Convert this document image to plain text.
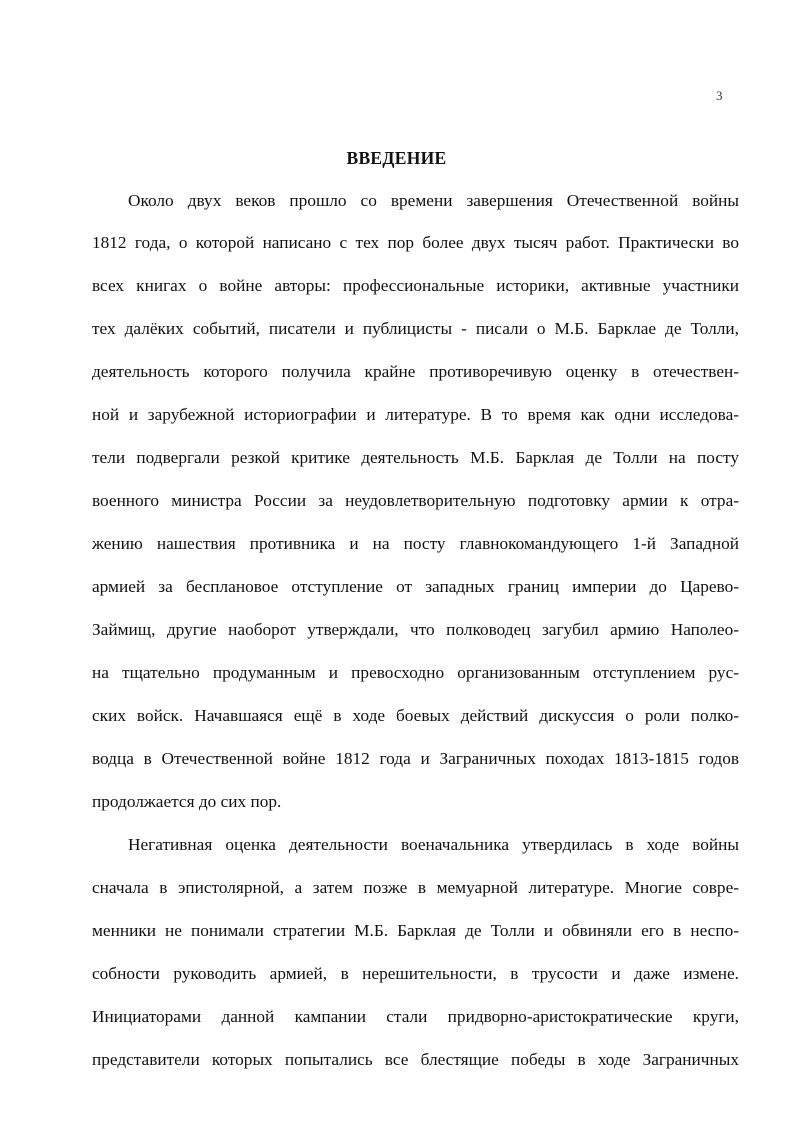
3
ВВЕДЕНИЕ
Около двух веков прошло со времени завершения Отечественной войны
1812 года, о которой написано с тех пор более двух тысяч работ. Практически во
всех книгах о войне авторы: профессиональные историки, активные участники
тех далёких событий, писатели и публицисты - писали о М.Б. Барклае де Толли,
деятельность которого получила крайне противоречивую оценку в отечествен-
ной и зарубежной историографии и литературе. В то время как одни исследова-
тели подвергали резкой критике деятельность М.Б. Барклая де Толли на посту
военного министра России за неудовлетворительную подготовку армии к отра-
жению нашествия противника и на посту главнокомандующего 1-й Западной
армией за бесплановое отступление от западных границ империи до Царево-
Займищ, другие наоборот утверждали, что полководец загубил армию Наполео-
на тщательно продуманным и превосходно организованным отступлением рус-
ских войск. Начавшаяся ещё в ходе боевых действий дискуссия о роли полко-
водца в Отечественной войне 1812 года и Заграничных походах 1813-1815 годов
продолжается до сих пор.
Негативная оценка деятельности военачальника утвердилась в ходе войны
сначала в эпистолярной, а затем позже в мемуарной литературе. Многие совре-
менники не понимали стратегии М.Б. Барклая де Толли и обвиняли его в неспо-
собности руководить армией, в нерешительности, в трусости и даже измене.
Инициаторами данной кампании стали придворно-аристократические круги,
представители которых попытались все блестящие победы в ходе Заграничных
